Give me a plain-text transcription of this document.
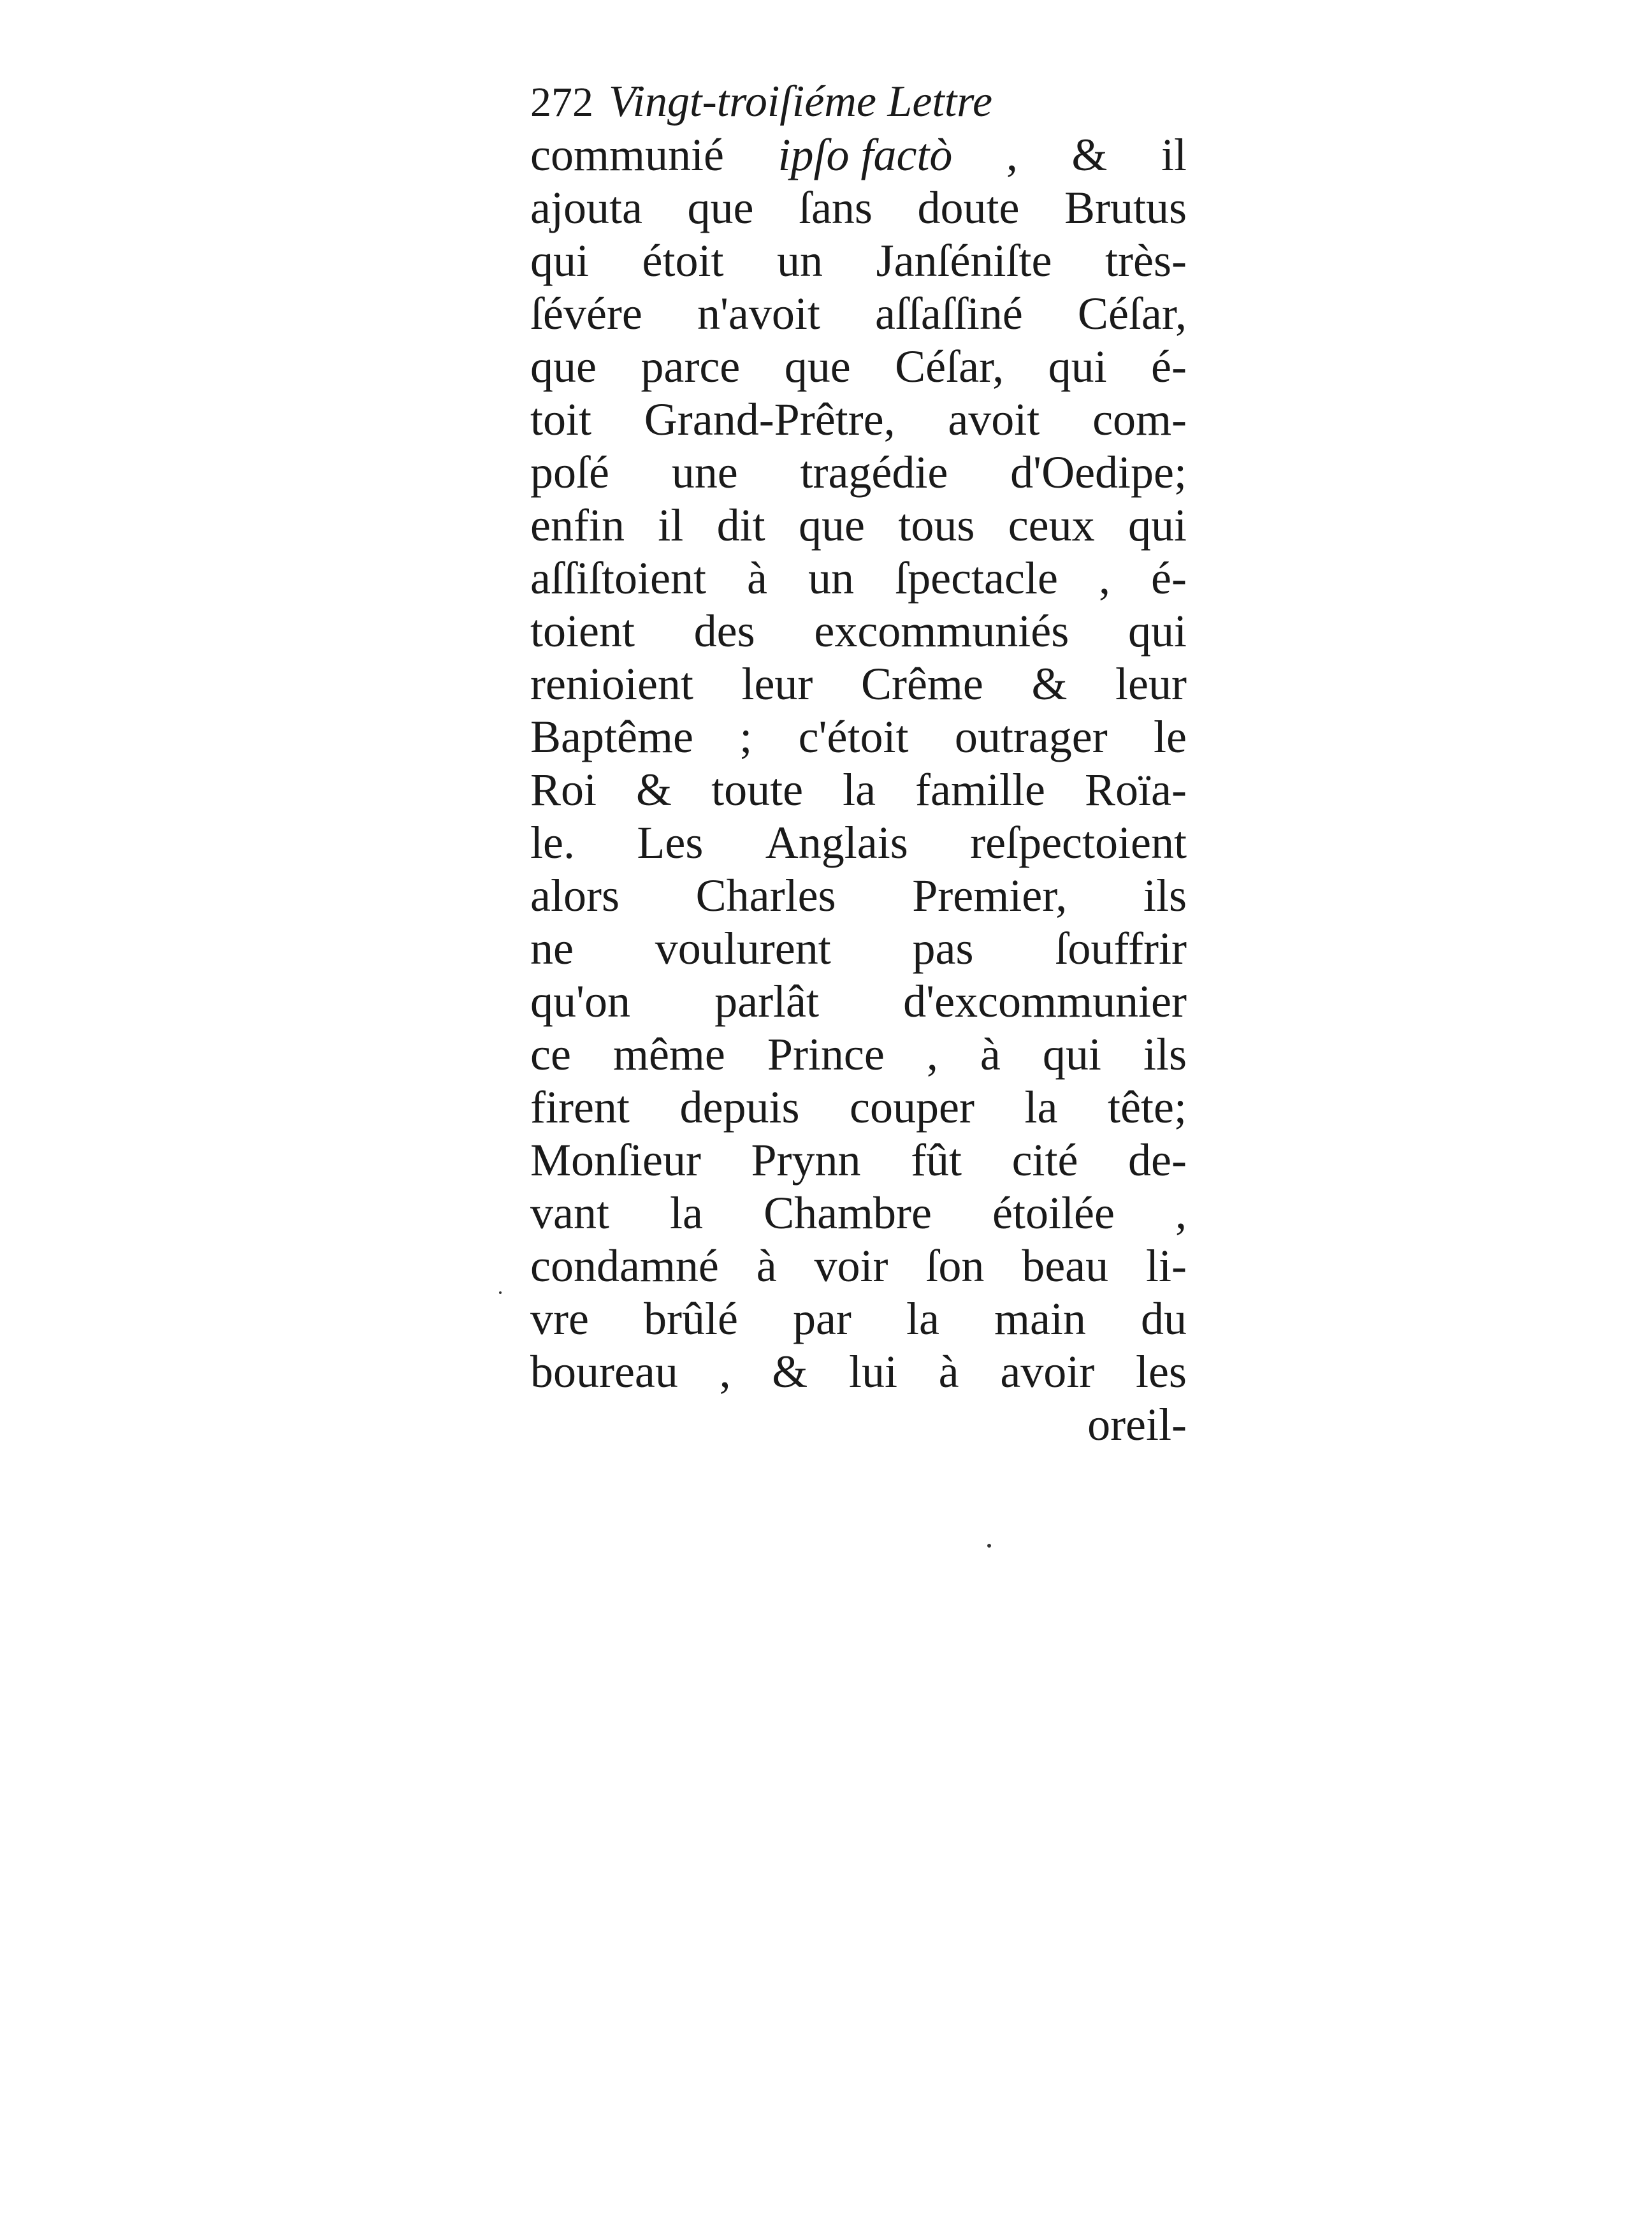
272 Vingt-troiſiéme Lettre
communié ipſo factò , & il
ajouta que ſans doute Brutus
qui étoit un Janſéniſte très-
ſévére n'avoit aſſaſſiné Céſar,
que parce que Céſar, qui é-
toit Grand-Prêtre, avoit com-
poſé une tragédie d'Oedipe;
enfin il dit que tous ceux qui
aſſiſtoient à un ſpectacle , é-
toient des excommuniés qui
renioient leur Crême & leur
Baptême ; c'étoit outrager le
Roi & toute la famille Roïa-
le. Les Anglais reſpectoient
alors Charles Premier, ils
ne voulurent pas ſouffrir
qu'on parlât d'excommunier
ce même Prince , à qui ils
firent depuis couper la tête;
Monſieur Prynn fût cité de-
vant la Chambre étoilée ,
condamné à voir ſon beau li-
vre brûlé par la main du
boureau , & lui à avoir les
oreil-
